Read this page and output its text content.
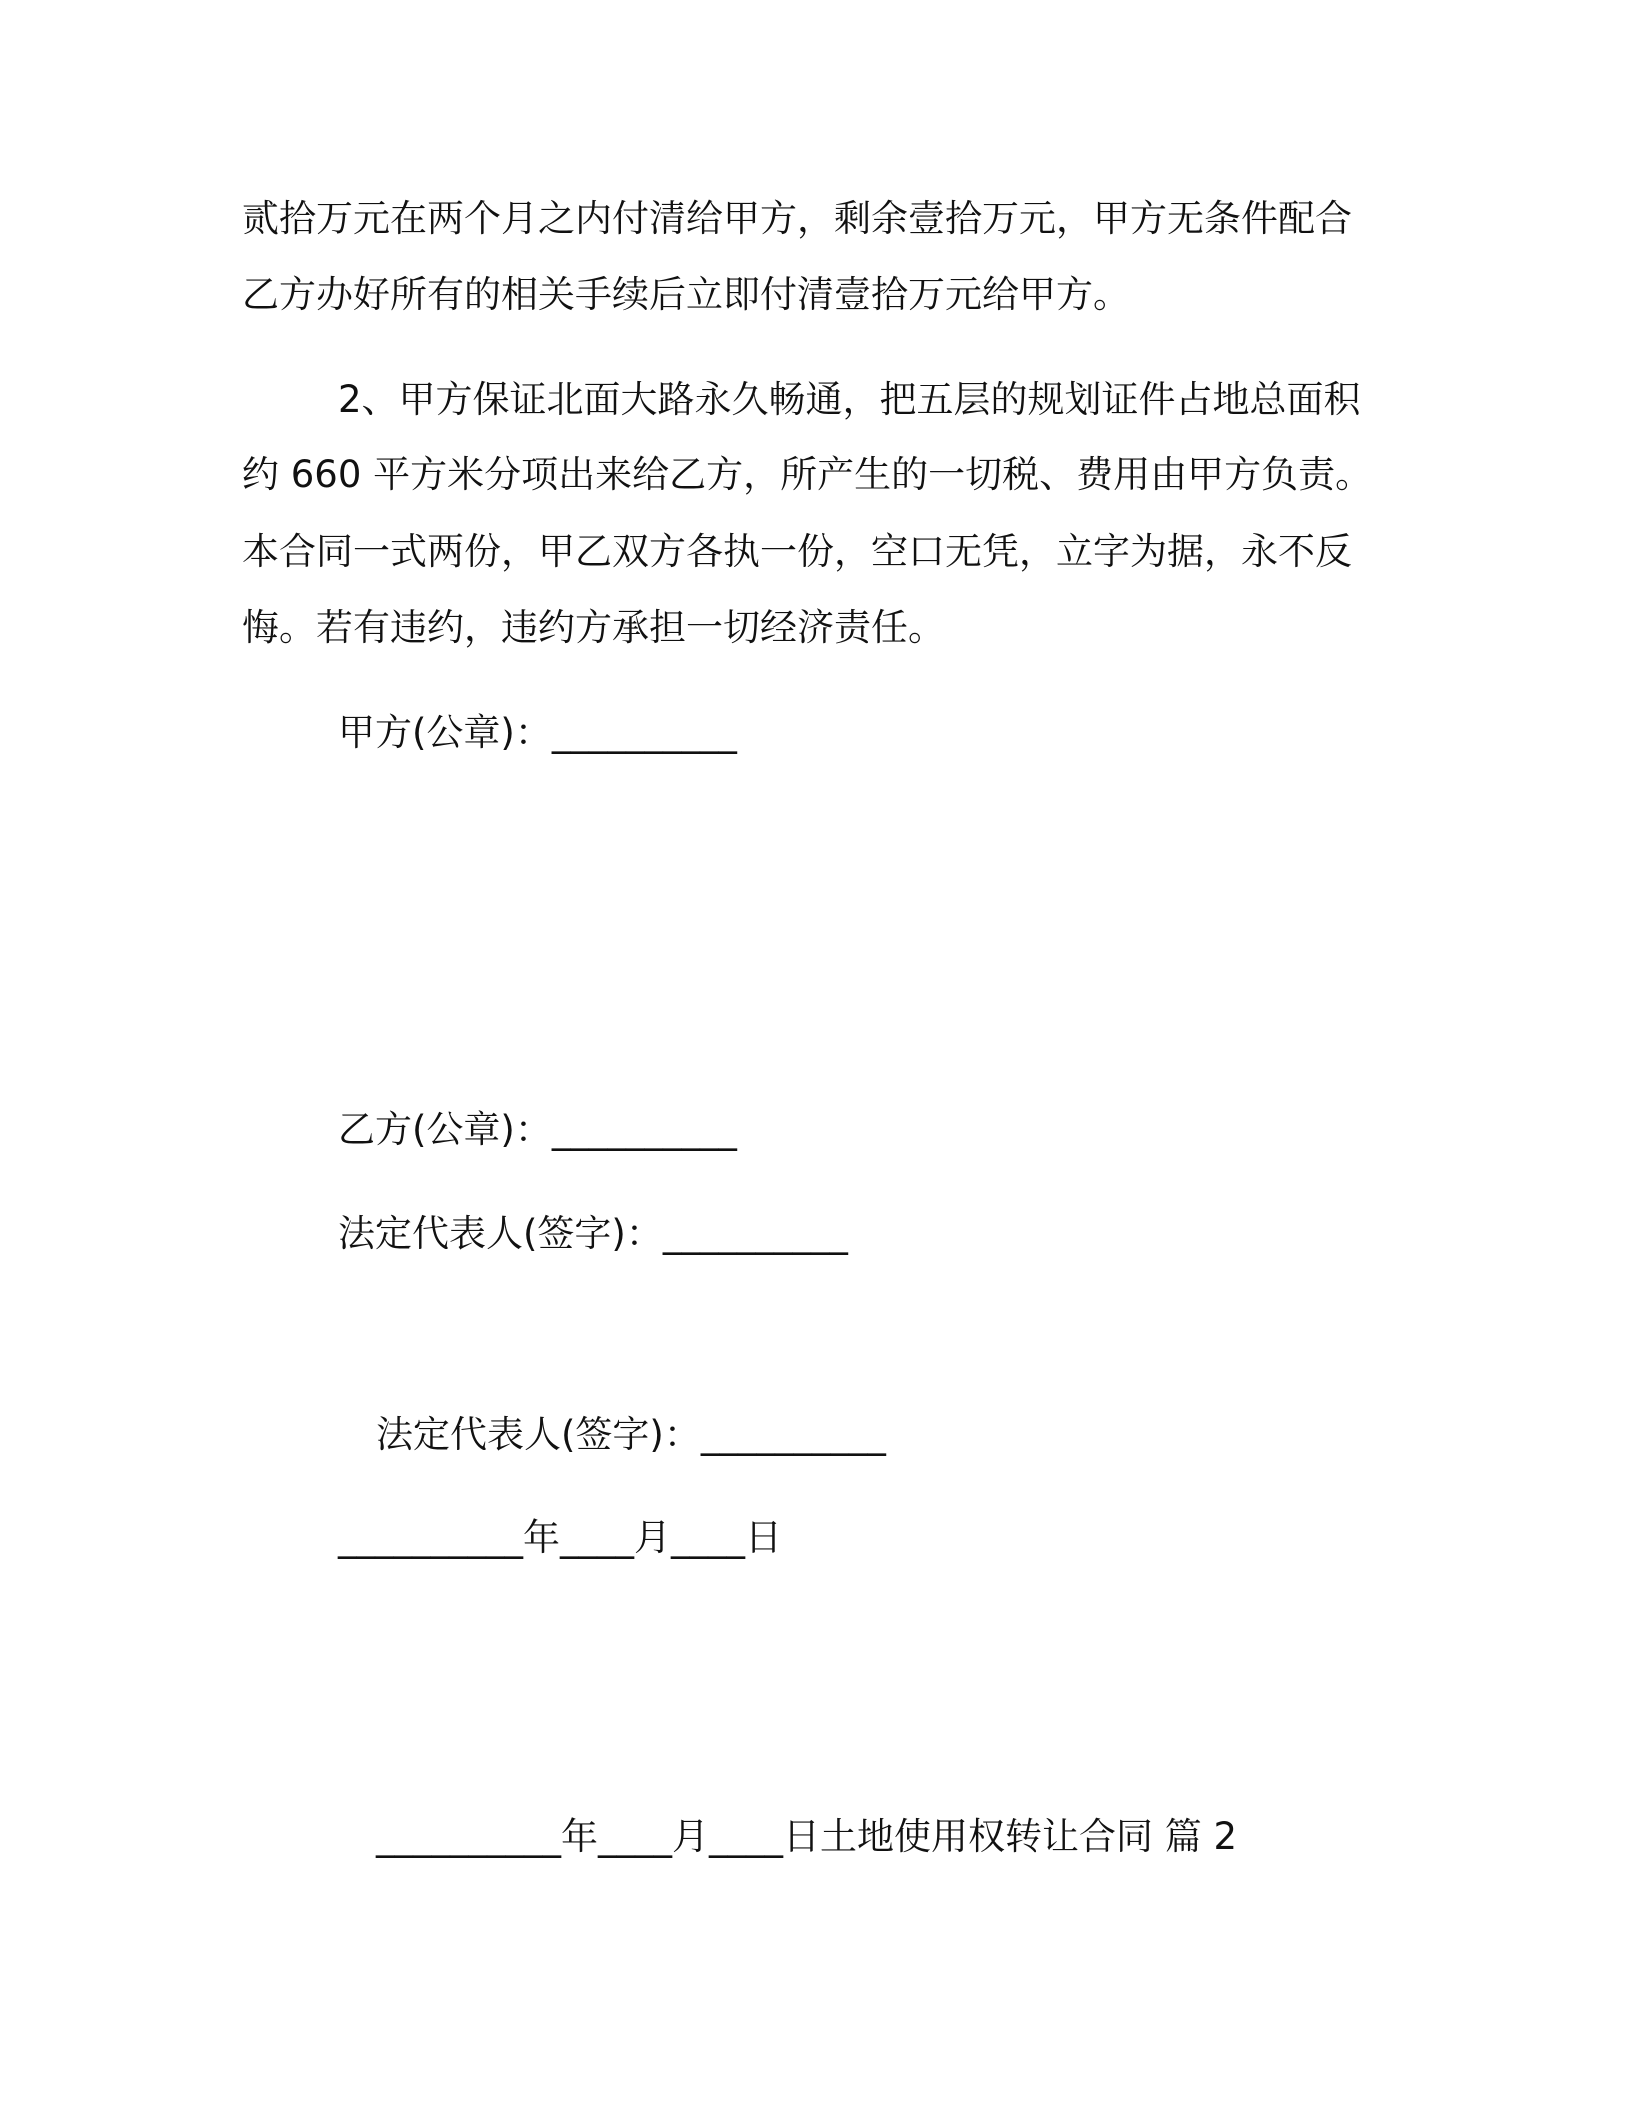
贰拾万元在两个月之内付清给甲方，剩余壹拾万元，甲方无条件配合
乙方办好所有的相关手续后立即付清壹拾万元给甲方。
2、甲方保证北面大路永久畅通，把五层的规划证件占地总面积
约 660 平方米分项出来给乙方，所产生的一切税、费用由甲方负责。
本合同一式两份，甲乙双方各执一份，空口无凭，立字为据，永不反
悔。若有违约，违约方承担一切经济责任。
甲方(公章)：__________
乙方(公章)：__________
法定代表人(签字)：__________
法定代表人(签字)：__________
__________年____月____日
__________年____月____日土地使用权转让合同 篇 2
